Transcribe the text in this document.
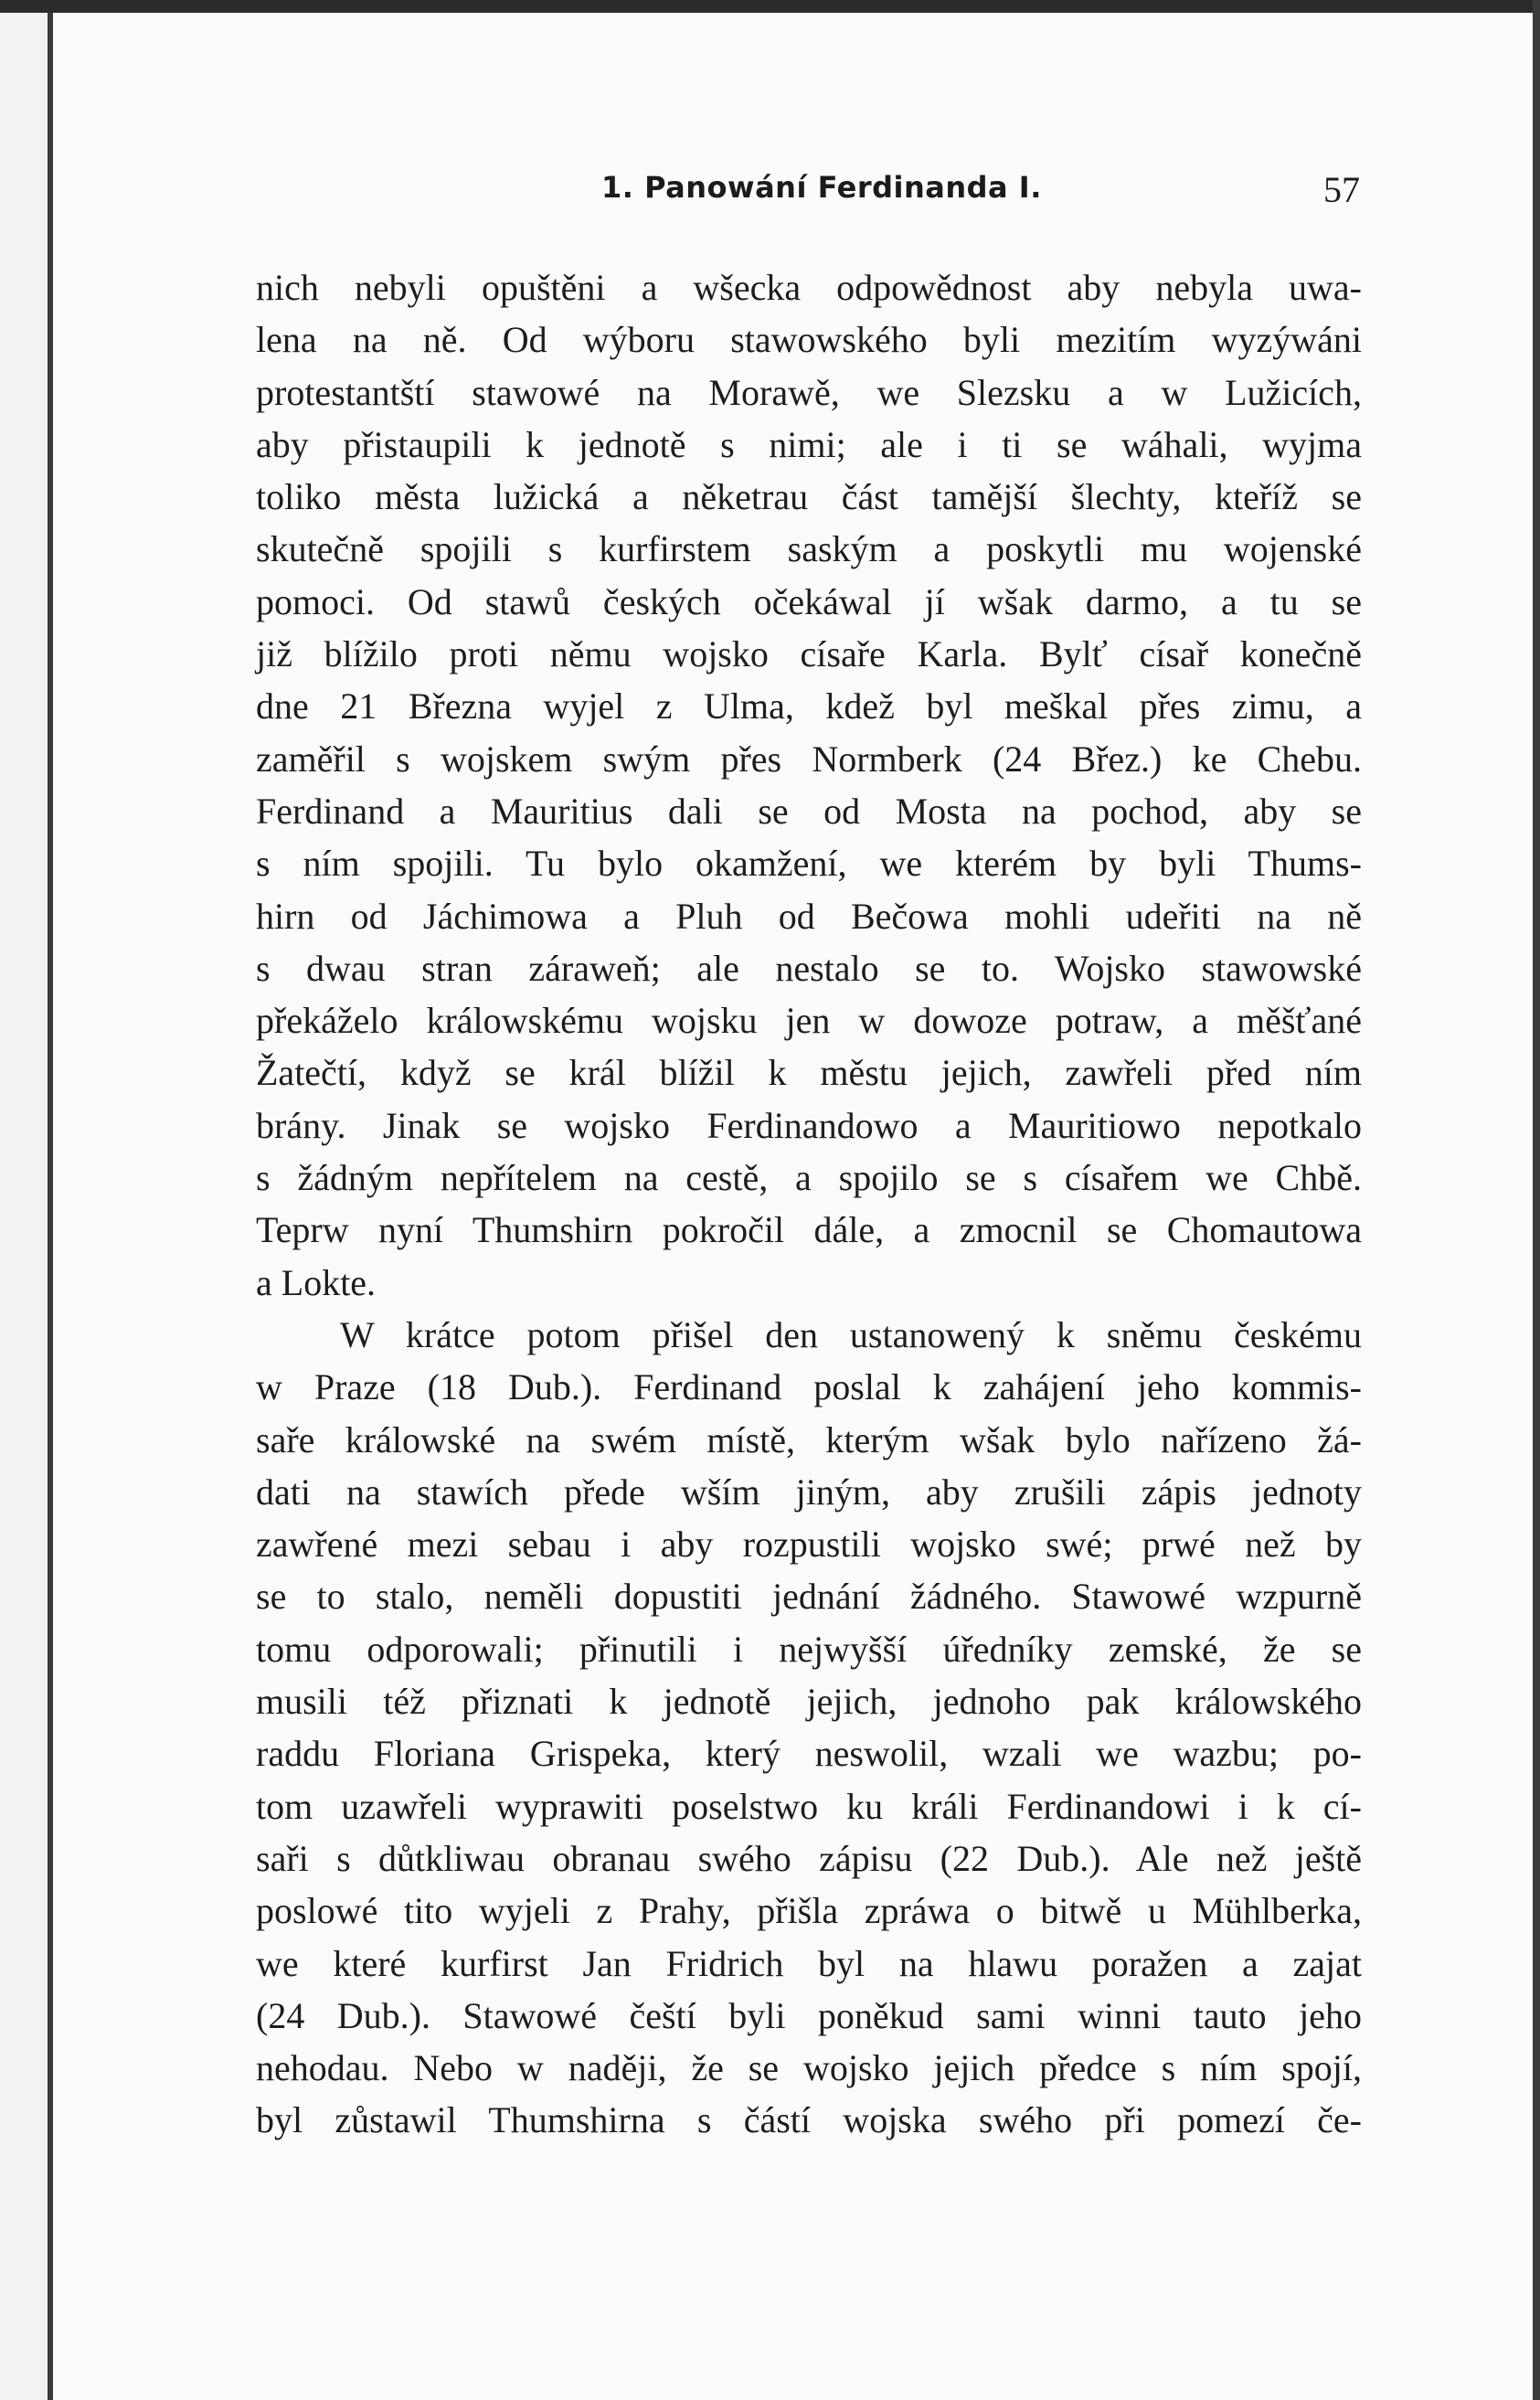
1. Panowání Ferdinanda I.	57
nich nebyli opuštěni a wšecka odpowědnost aby nebyla uwa-
lena na ně. Od wýboru stawowského byli mezitím wyzýwáni
protestantští stawowé na Morawě, we Slezsku a w Lužicích,
aby přistaupili k jednotě s nimi; ale i ti se wáhali, wyjma
toliko města lužická a něketrau část tamější šlechty, kteříž se
skutečně spojili s kurfirstem saským a poskytli mu wojenské
pomoci. Od stawů českých očekáwal jí wšak darmo, a tu se
již blížilo proti němu wojsko císaře Karla. Bylť císař konečně
dne 21 Března wyjel z Ulma, kdež byl meškal přes zimu, a
zaměřil s wojskem swým přes Normberk (24 Břez.) ke Chebu.
Ferdinand a Mauritius dali se od Mosta na pochod, aby se
s ním spojili. Tu bylo okamžení, we kterém by byli Thums-
hirn od Jáchimowa a Pluh od Bečowa mohli udeřiti na ně
s dwau stran záraweň; ale nestalo se to. Wojsko stawowské
překáželo králowskému wojsku jen w dowoze potraw, a měšťané
Žatečtí, když se král blížil k městu jejich, zawřeli před ním
brány. Jinak se wojsko Ferdinandowo a Mauritiowo nepotkalo
s žádným nepřítelem na cestě, a spojilo se s císařem we Chbě.
Teprw nyní Thumshirn pokročil dále, a zmocnil se Chomautowa
a Lokte.
W krátce potom přišel den ustanowený k sněmu českému
w Praze (18 Dub.). Ferdinand poslal k zahájení jeho kommis-
saře králowské na swém místě, kterým wšak bylo nařízeno žá-
dati na stawích přede wším jiným, aby zrušili zápis jednoty
zawřené mezi sebau i aby rozpustili wojsko swé; prwé než by
se to stalo, neměli dopustiti jednání žádného. Stawowé wzpurně
tomu odporowali; přinutili i nejwyšší úředníky zemské, že se
musili též přiznati k jednotě jejich, jednoho pak králowského
raddu Floriana Grispeka, který neswolil, wzali we wazbu; po-
tom uzawřeli wyprawiti poselstwo ku králi Ferdinandowi i k cí-
saři s důtkliwau obranau swého zápisu (22 Dub.). Ale než ještě
poslowé tito wyjeli z Prahy, přišla zpráwa o bitwě u Mühlberka,
we které kurfirst Jan Fridrich byl na hlawu poražen a zajat
(24 Dub.). Stawowé čeští byli poněkud sami winni tauto jeho
nehodau. Nebo w naději, že se wojsko jejich předce s ním spojí,
byl zůstawil Thumshirna s částí wojska swého při pomezí če-
